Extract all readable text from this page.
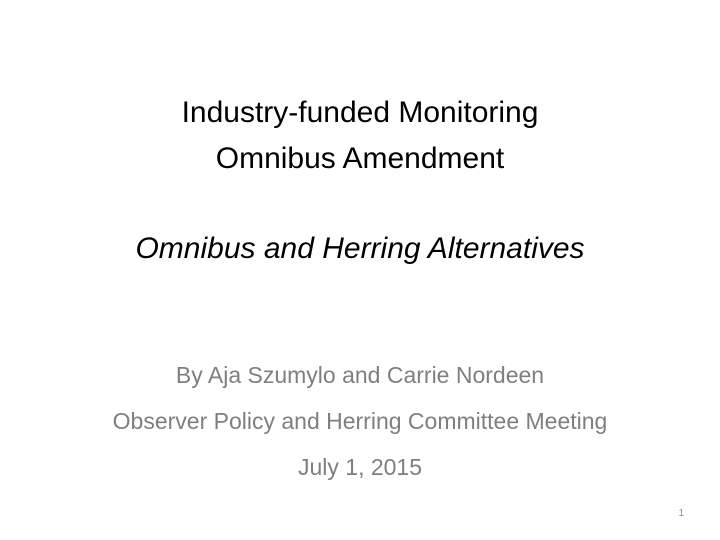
Industry-funded Monitoring
Omnibus Amendment
Omnibus and Herring Alternatives
By Aja Szumylo and Carrie Nordeen
Observer Policy and Herring Committee Meeting
July 1, 2015
1
